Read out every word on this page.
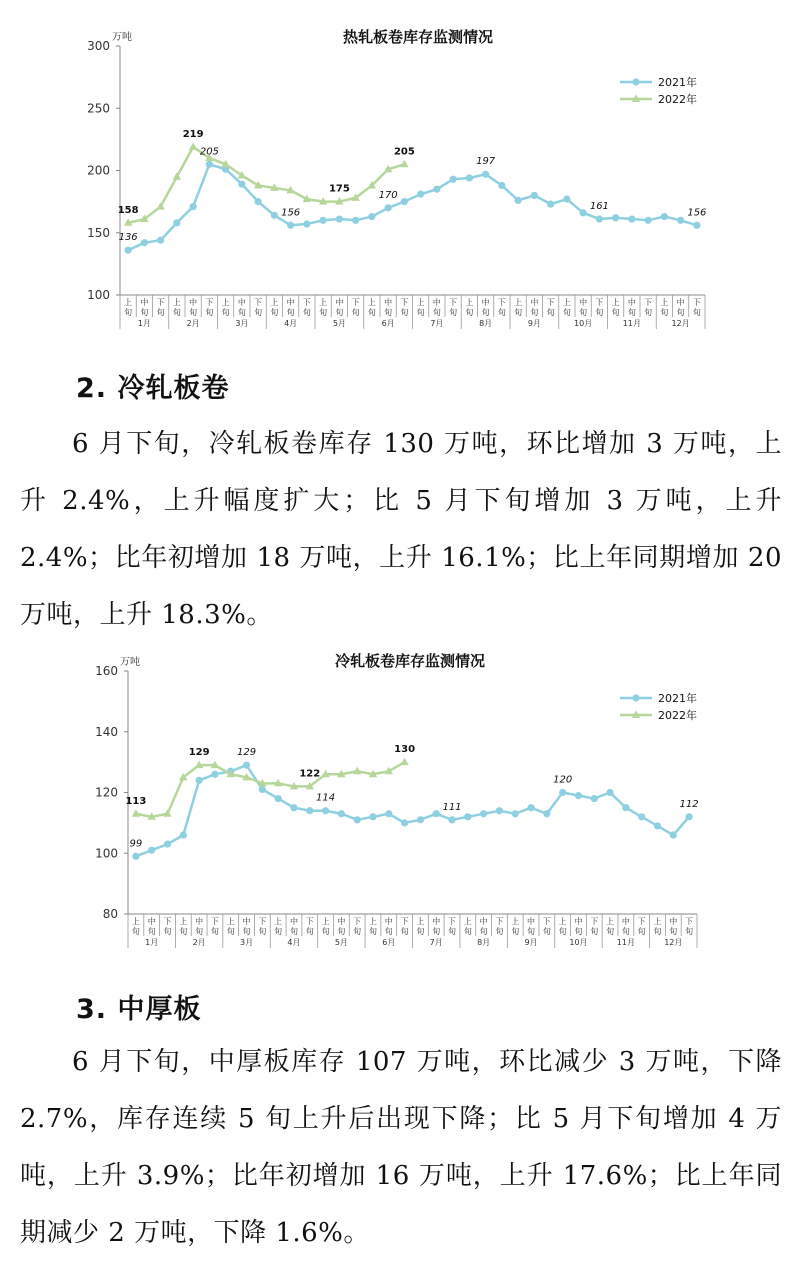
热轧板卷库存监测情况
万吨
100
150
200
250
300
上
旬
中
旬
下
旬
上
旬
中
旬
下
旬
上
旬
中
旬
下
旬
上
旬
中
旬
下
旬
上
旬
中
旬
下
旬
上
旬
中
旬
下
旬
上
旬
中
旬
下
旬
上
旬
中
旬
下
旬
上
旬
中
旬
下
旬
上
旬
中
旬
下
旬
上
旬
中
旬
下
旬
上
旬
中
旬
下
旬
1月	2月	3月	4月	5月	6月	7月	8月	9月	10月	11月	12月
136
205
156
170
197
161
156
158
219
175
205
2021年
2022年
2. 冷轧板卷

6 月下旬，冷轧板卷库存 130 万吨，环比增加 3 万吨，上升 2.4%，上升幅度扩大；比 5 月下旬增加 3 万吨，上升 2.4%；比年初增加 18 万吨，上升 16.1%；比上年同期增加 20 万吨，上升 18.3%。

冷轧板卷库存监测情况
万吨
80
100
120
140
160
上
旬
中
旬
下
旬
上
旬
中
旬
下
旬
上
旬
中
旬
下
旬
上
旬
中
旬
下
旬
上
旬
中
旬
下
旬
上
旬
中
旬
下
旬
上
旬
中
旬
下
旬
上
旬
中
旬
下
旬
上
旬
中
旬
下
旬
上
旬
中
旬
下
旬
上
旬
中
旬
下
旬
上
旬
中
旬
下
旬
1月	2月	3月	4月	5月	6月	7月	8月	9月	10月	11月	12月
99
129
114
111
120
112
113
129
122
130
2021年
2022年
3. 中厚板

6 月下旬，中厚板库存 107 万吨，环比减少 3 万吨，下降 2.7%，库存连续 5 旬上升后出现下降；比 5 月下旬增加 4 万吨，上升 3.9%；比年初增加 16 万吨，上升 17.6%；比上年同期减少 2 万吨，下降 1.6%。
